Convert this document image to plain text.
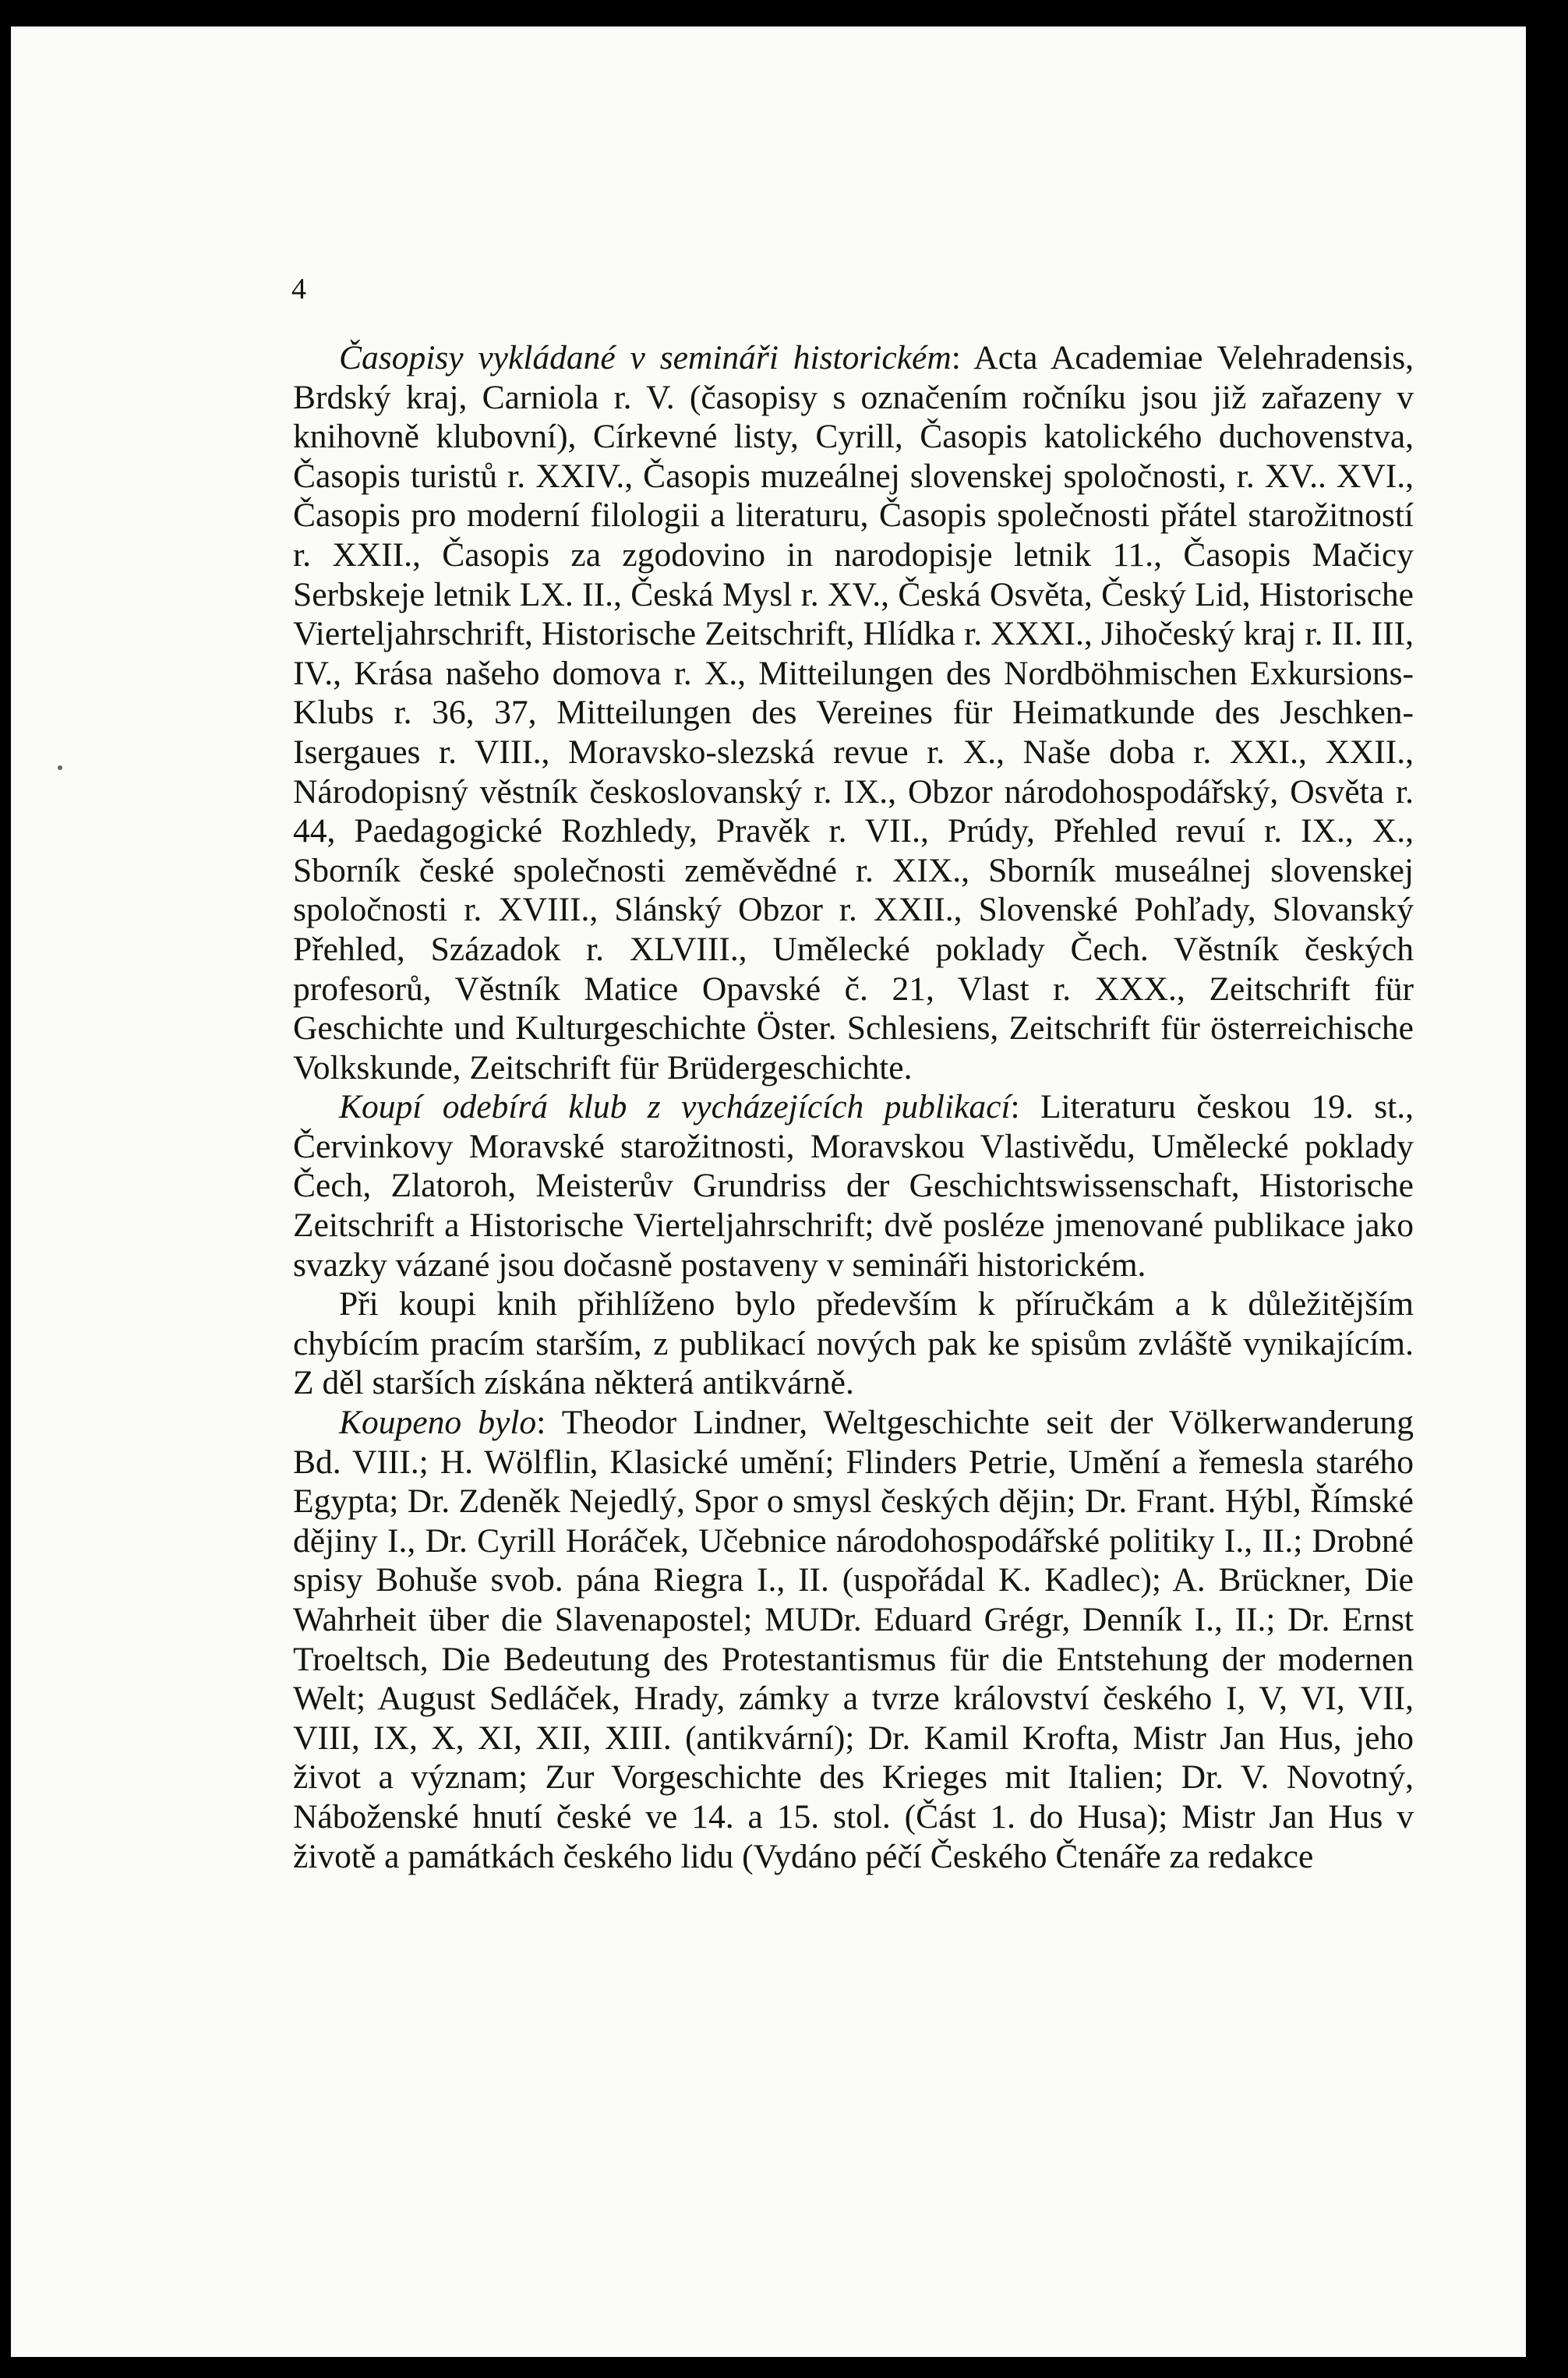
4

Časopisy vykládané v semináři historickém: Acta Academiae Velehradensis, Brdský kraj, Carniola r. V. (časopisy s označením ročníku jsou již zařazeny v knihovně klubovní), Církevné listy, Cyrill, Časopis katolického duchovenstva, Časopis turistů r. XXIV., Časopis muzeálnej slovenskej spoločnosti, r. XV.. XVI., Časopis pro moderní filologii a literaturu, Časopis společnosti přátel starožitností r. XXII., Časopis za zgodovino in narodopisje letnik 11., Časopis Mačicy Serbskeje letnik LX. II., Česká Mysl r. XV., Česká Osvěta, Český Lid, Historische Vierteljahrschrift, Historische Zeitschrift, Hlídka r. XXXI., Jihočeský kraj r. II. III, IV., Krása našeho domova r. X., Mitteilungen des Nordböhmischen Exkursions-Klubs r. 36, 37, Mitteilungen des Vereines für Heimatkunde des Jeschken-Isergaues r. VIII., Moravsko-slezská revue r. X., Naše doba r. XXI., XXII., Národopisný věstník českoslovanský r. IX., Obzor národohospodářský, Osvěta r. 44, Paedagogické Rozhledy, Pravěk r. VII., Prúdy, Přehled revuí r. IX., X., Sborník české společnosti zeměvědné r. XIX., Sborník museálnej slovenskej spoločnosti r. XVIII., Slánský Obzor r. XXII., Slovenské Pohľady, Slovanský Přehled, Századok r. XLVIII., Umělecké poklady Čech. Věstník českých profesorů, Věstník Matice Opavské č. 21, Vlast r. XXX., Zeitschrift für Geschichte und Kulturgeschichte Öster. Schlesiens, Zeitschrift für österreichische Volkskunde, Zeitschrift für Brüdergeschichte.

Koupí odebírá klub z vycházejících publikací: Literaturu českou 19. st., Červinkovy Moravské starožitnosti, Moravskou Vlastivědu, Umělecké poklady Čech, Zlatoroh, Meisterův Grundriss der Geschichtswissenschaft, Historische Zeitschrift a Historische Vierteljahrschrift; dvě posléze jmenované publikace jako svazky vázané jsou dočasně postaveny v semináři historickém.

Při koupi knih přihlíženo bylo především k příručkám a k důležitějším chybícím pracím starším, z publikací nových pak ke spisům zvláště vynikajícím. Z děl starších získána některá antikvárně.

Koupeno bylo: Theodor Lindner, Weltgeschichte seit der Völkerwanderung Bd. VIII.; H. Wölflin, Klasické umění; Flinders Petrie, Umění a řemesla starého Egypta; Dr. Zdeněk Nejedlý, Spor o smysl českých dějin; Dr. Frant. Hýbl, Římské dějiny I., Dr. Cyrill Horáček, Učebnice národohospodářské politiky I., II.; Drobné spisy Bohuše svob. pána Riegra I., II. (uspořádal K. Kadlec); A. Brückner, Die Wahrheit über die Slavenapostel; MUDr. Eduard Grégr, Denník I., II.; Dr. Ernst Troeltsch, Die Bedeutung des Protestantismus für die Entstehung der modernen Welt; August Sedláček, Hrady, zámky a tvrze království českého I, V, VI, VII, VIII, IX, X, XI, XII, XIII. (antikvární); Dr. Kamil Krofta, Mistr Jan Hus, jeho život a význam; Zur Vorgeschichte des Krieges mit Italien; Dr. V. Novotný, Náboženské hnutí české ve 14. a 15. stol. (Část 1. do Husa); Mistr Jan Hus v životě a památkách českého lidu (Vydáno péčí Českého Čtenáře za redakce
